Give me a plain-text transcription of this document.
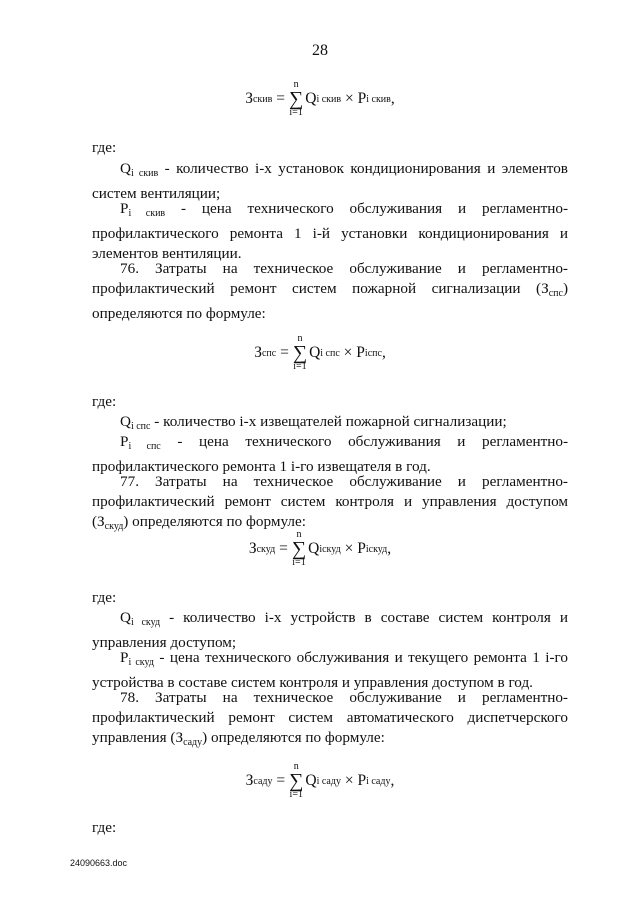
28
З скив
=
n
∑
i=1
Q i скив
×
P i скив ,
где:
$Q_{i скив}$ - количество i-х установок кондиционирования и элементов систем вентиляции;
$P_{i скив}$ - цена технического обслуживания и регламентно-профилактического ремонта 1 i-й установки кондиционирования и элементов вентиляции.
76. Затраты на техническое обслуживание и регламентно-профилактический ремонт систем пожарной сигнализации $(З_{спс})$ определяются по формуле:
З спс
=
n
∑
i=1
Q i спс
×
P iспс ,
где:
$Q_{i спс}$ - количество i-х извещателей пожарной сигнализации;
$P_{i спс}$ - цена технического обслуживания и регламентно-профилактического ремонта 1 i-го извещателя в год.
77. Затраты на техническое обслуживание и регламентно-профилактический ремонт систем контроля и управления доступом $(З_{скуд})$ определяются по формуле:
З скуд
=
n
∑
i=1
Q iскуд
×
P iскуд ,
где:
$Q_{i скуд}$ - количество i-х устройств в составе систем контроля и управления доступом;
$P_{i скуд}$ - цена технического обслуживания и текущего ремонта 1 i-го устройства в составе систем контроля и управления доступом в год.
78. Затраты на техническое обслуживание и регламентно-профилактический ремонт систем автоматического диспетчерского управления $(З_{саду})$ определяются по формуле:
З саду
=
n
∑
i=1
Q i саду
×
P i саду ,
где:
24090663.doc
